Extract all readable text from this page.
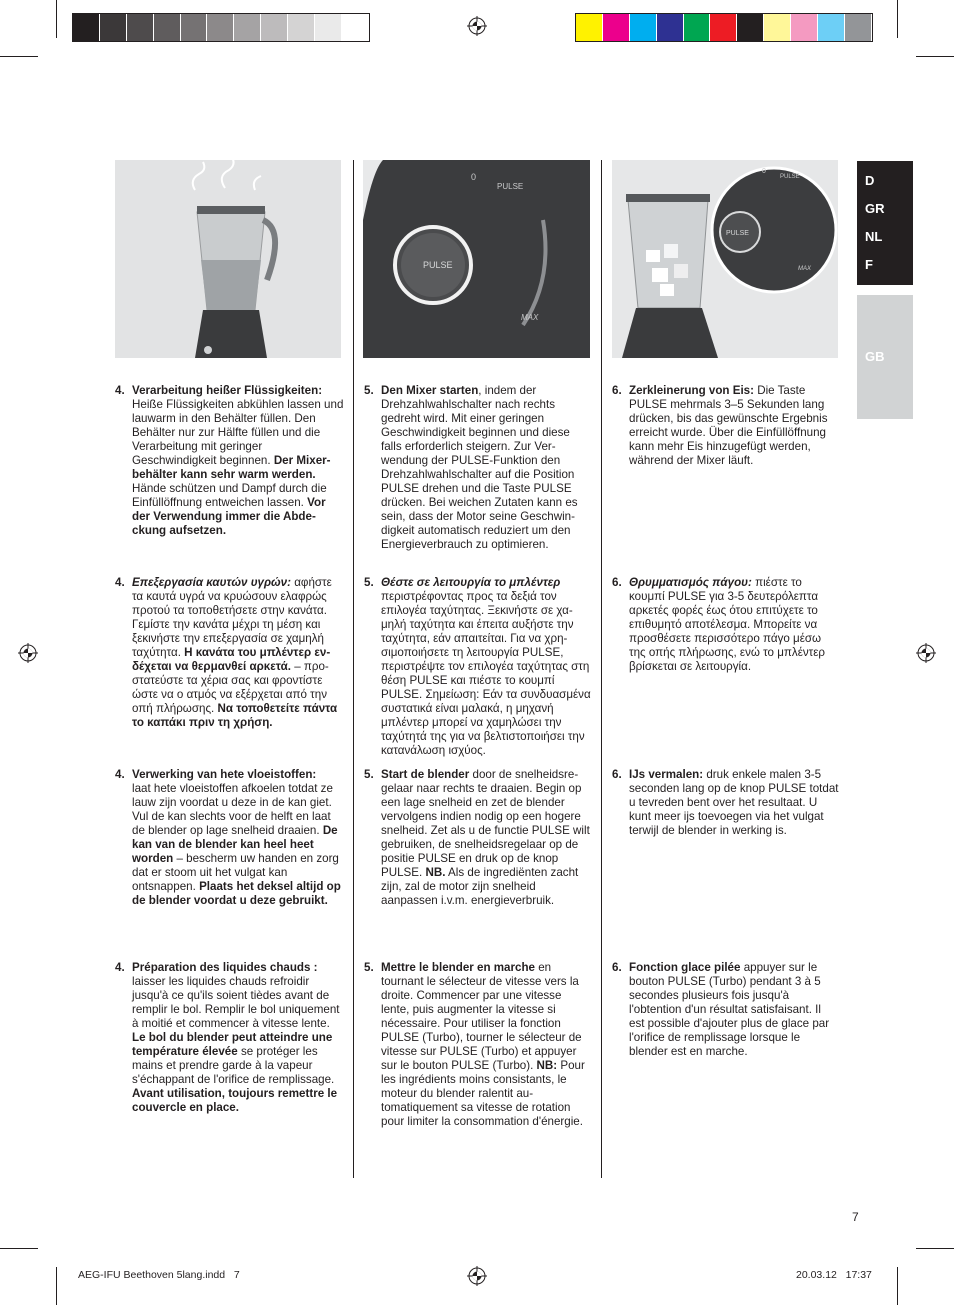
0
PULSE
PULSE
MAX
0
PULSE
PULSE
MAX
D
GR
NL
F
GB
4. Verarbeitung heißer Flüssigkeiten:
Heiße Flüssigkeiten abkühlen lassen und lauwarm in den Behälter füllen. Den Behälter nur zur Hälfte füllen und die Verarbeitung mit geringer Geschwindigkeit beginnen. Der Mixerbehälter kann sehr warm werden. Hände schützen und Dampf durch die Einfüllöffnung entweichen lassen. Vor der Verwendung immer die Abdeckung aufsetzen.
4. Επεξεργασία καυτών υγρών: αφήστε τα καυτά υγρά να κρυώσουν ελαφρώς προτού τα τοποθετήσετε στην κανάτα. Γεμίστε την κανάτα μέχρι τη μέση και ξεκινήστε την επεξεργασία σε χαμηλή ταχύτητα. Η κανάτα του μπλέντερ ενδέχεται να θερμανθεί αρκετά. – προστατεύστε τα χέρια σας και φροντίστε ώστε να ο ατμός να εξέρχεται από την οπή πλήρωσης. Να τοποθετείτε πάντα το καπάκι πριν τη χρήση.
4. Verwerking van hete vloeistoffen:
laat hete vloeistoffen afkoelen totdat ze lauw zijn voordat u deze in de kan giet. Vul de kan slechts voor de helft en laat de blender op lage snelheid draaien. De kan van de blender kan heel heet worden – bescherm uw handen en zorg dat er stoom uit het vulgat kan ontsnappen. Plaats het deksel altijd op de blender voordat u deze gebruikt.
4. Préparation des liquides chauds :
laisser les liquides chauds refroidir jusqu'à ce qu'ils soient tièdes avant de remplir le bol. Remplir le bol uniquement à moitié et commencer à vitesse lente. Le bol du blender peut atteindre une température élevée se protéger les mains et prendre garde à la vapeur s'échappant de l'orifice de remplissage. Avant utilisation, toujours remettre le couvercle en place.
5. Den Mixer starten, indem der Drehzahlwahlschalter nach rechts gedreht wird. Mit einer geringen Geschwindigkeit beginnen und diese falls erforderlich steigern. Zur Verwendung der PULSE-Funktion den Drehzahlwahlschalter auf die Position PULSE drehen und die Taste PULSE drücken. Bei weichen Zutaten kann es sein, dass der Motor seine Geschwindigkeit automatisch reduziert um den Energieverbrauch zu optimieren.
5. Θέστε σε λειτουργία το μπλέντερ
περιστρέφοντας προς τα δεξιά τον επιλογέα ταχύτητας. Ξεκινήστε σε χαμηλή ταχύτητα και έπειτα αυξήστε την ταχύτητα, εάν απαιτείται. Για να χρησιμοποιήσετε τη λειτουργία PULSE, περιστρέψτε τον επιλογέα ταχύτητας στη θέση PULSE και πιέστε το κουμπί PULSE. Σημείωση: Εάν τα συνδυασμένα συστατικά είναι μαλακά, η μηχανή μπλέντερ μπορεί να χαμηλώσει την ταχύτητά της για να βελτιστοποιήσει την κατανάλωση ισχύος.
5. Start de blender door de snelheidsregelaar naar rechts te draaien. Begin op een lage snelheid en zet de blender vervolgens indien nodig op een hogere snelheid. Zet als u de functie PULSE wilt gebruiken, de snelheidsregelaar op de positie PULSE en druk op de knop PULSE. NB. Als de ingrediënten zacht zijn, zal de motor zijn snelheid aanpassen i.v.m. energieverbruik.
5. Mettre le blender en marche en tournant le sélecteur de vitesse vers la droite. Commencer par une vitesse lente, puis augmenter la vitesse si nécessaire. Pour utiliser la fonction PULSE (Turbo), tourner le sélecteur de vitesse sur PULSE (Turbo) et appuyer sur le bouton PULSE (Turbo). NB: Pour les ingrédients moins consistants, le moteur du blender ralentit automatiquement sa vitesse de rotation pour limiter la consommation d'énergie.
6. Zerkleinerung von Eis: Die Taste PULSE mehrmals 3–5 Sekunden lang drücken, bis das gewünschte Ergebnis erreicht wurde. Über die Einfüllöffnung kann mehr Eis hinzugefügt werden, während der Mixer läuft.
6. Θρυμματισμός πάγου: πιέστε το κουμπί PULSE για 3-5 δευτερόλεπτα αρκετές φορές έως ότου επιτύχετε το επιθυμητό αποτέλεσμα. Μπορείτε να προσθέσετε περισσότερο πάγο μέσω της οπής πλήρωσης, ενώ το μπλέντερ βρίσκεται σε λειτουργία.
6. IJs vermalen: druk enkele malen 3-5 seconden lang op de knop PULSE totdat u tevreden bent over het resultaat. U kunt meer ijs toevoegen via het vulgat terwijl de blender in werking is.
6. Fonction glace pilée appuyer sur le bouton PULSE (Turbo) pendant 3 à 5 secondes plusieurs fois jusqu'à l'obtention d'un résultat satisfaisant. Il est possible d'ajouter plus de glace par l'orifice de remplissage lorsque le blender est en marche.
7
AEG-IFU Beethoven 5lang.indd   7	20.03.12   17:37
